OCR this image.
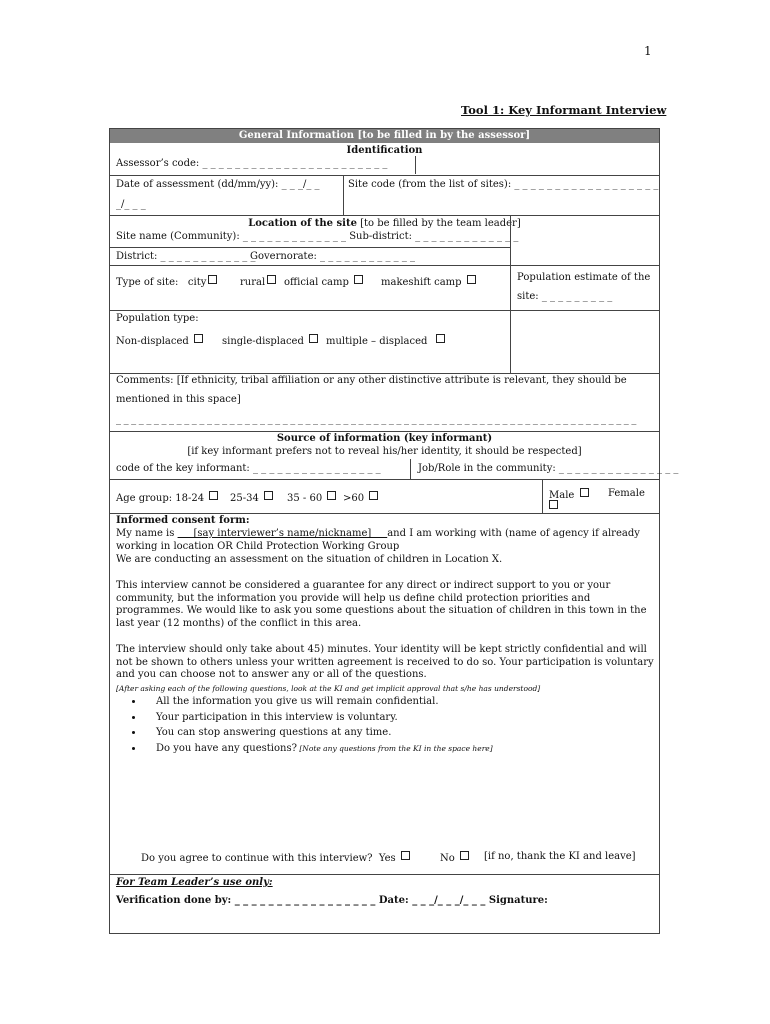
1
Tool 1: Key Informant Interview
General Information [to be filled in by the assessor]
Identification
Assessor’s code: _ _ _ _ _ _ _ _ _ _ _ _ _ _ _ _ _ _ _ _ _ _ _
Date of assessment (dd/mm/yy): _ _ _/_ _
_/_ _ _
Site code (from the list of sites): _ _ _ _ _ _ _ _ _ _ _ _ _ _ _ _ _ _
Location of the site [to be filled by the team leader]
Site name (Community): _ _ _ _ _ _ _ _ _ _ _ _ _ Sub-district: _ _ _ _ _ _ _ _ _ _ _ _ _
District: _ _ _ _ _ _ _ _ _ _ _ _
Governorate: _ _ _ _ _ _ _ _ _ _ _ _
Type of site: city	rural	official camp	makeshift camp	Population estimate of the
site: _ _ _ _ _ _ _ _ _
Population type:
Non-displaced	single-displaced	multiple – displaced
Comments: [If ethnicity, tribal affiliation or any other distinctive attribute is relevant, they should be
mentioned in this space]
_ _ _ _ _ _ _ _ _ _ _ _ _ _ _ _ _ _ _ _ _ _ _ _ _ _ _ _ _ _ _ _ _ _ _ _ _ _ _ _ _ _ _ _ _ _ _ _ _ _ _ _ _ _ _ _ _ _ _ _ _ _ _ _ _ _ _ _ _
Source of information (key informant)
[if key informant prefers not to reveal his/her identity, it should be respected]
code of the key informant: _ _ _ _ _ _ _ _ _ _ _ _ _ _ _ _	Job/Role in the community: _ _ _ _ _ _ _ _ _ _ _ _ _ _ _
Age group: 18-24	25-34	35 - 60	>60	Male	Female
Informed consent form:
My name is      [say interviewer’s name/nickname]     and I am working with (name of agency if already
working in location OR Child Protection Working Group
We are conducting an assessment on the situation of children in Location X.
This interview cannot be considered a guarantee for any direct or indirect support to you or your community, but the information you provide will help us define child protection priorities and programmes. We would like to ask you some questions about the situation of children in this town in the last year (12 months) of the conflict in this area.
The interview should only take about 45) minutes. Your identity will be kept strictly confidential and will not be shown to others unless your written agreement is received to do so. Your participation is voluntary and you can choose not to answer any or all of the questions.
[After asking each of the following questions, look at the KI and get implicit approval that s/he has understood]
• All the information you give us will remain confidential.
• Your participation in this interview is voluntary.
• You can stop answering questions at any time.
• Do you have any questions? [Note any questions from the KI in the space here]
Do you agree to continue with this interview? Yes	No	[if no, thank the KI and leave]
For Team Leader’s use only:
Verification done by: _ _ _ _ _ _ _ _ _ _ _ _ _ _ _ _ _ Date: _ _ _/_ _ _/_ _ _ Signature:
